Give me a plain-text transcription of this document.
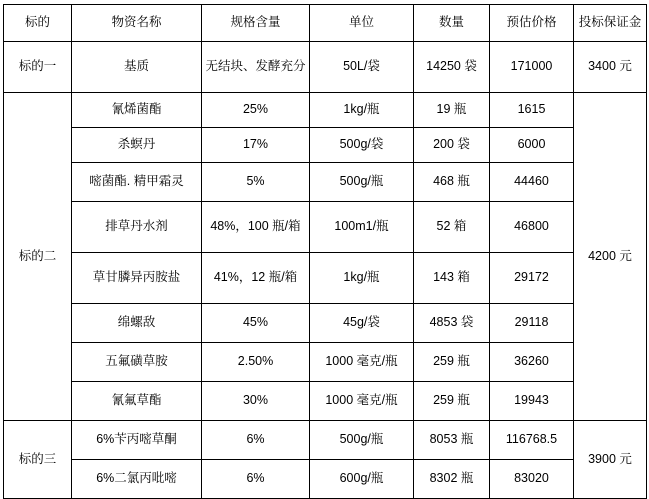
标的	物资名称	规格含量	单位	数量	预估价格	投标保证金
标的一	基质	无结块、发酵充分	50L/袋	14250 袋	171000	3400 元
标的二	氰烯菌酯	25%	1kg/瓶	19 瓶	1615	4200 元
	杀螟丹	17%	500g/袋	200 袋	6000	
	嘧菌酯. 精甲霜灵	5%	500g/瓶	468 瓶	44460	
	排草丹水剂	48%，100 瓶/箱	100m1/瓶	52 箱	46800	
	草甘膦异丙胺盐	41%，12 瓶/箱	1kg/瓶	143 箱	29172	
	绵螺敌	45%	45g/袋	4853 袋	29118	
	五氟磺草胺	2.50%	1000 毫克/瓶	259 瓶	36260	
	氰氟草酯	30%	1000 毫克/瓶	259 瓶	19943	
标的三	6%苄丙嘧草酮	6%	500g/瓶	8053 瓶	116768.5	3900 元
	6%二氯丙吡嘧	6%	600g/瓶	8302 瓶	83020	
